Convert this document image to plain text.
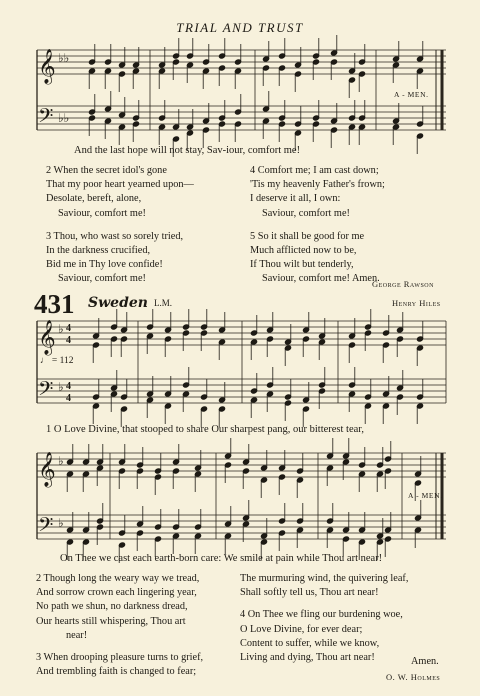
TRIAL AND TRUST
𝄞
𝄢
♭♭
♭♭
A - MEN.
And the last hope will not stay, Sav-iour, comfort me!
2 When the secret idol's gone
That my poor heart yearned upon—
Desolate, bereft, alone,
Saviour, comfort me!
3 Thou, who wast so sorely tried,
In the darkness crucified,
Bid me in Thy love confide!
Saviour, comfort me!
4 Comfort me; I am cast down;
'Tis my heavenly Father's frown;
I deserve it all, I own:
Saviour, comfort me!
5 So it shall be good for me
Much afflicted now to be,
If Thou wilt but tenderly,
Saviour, comfort me! Amen.
George Rawson
431 Sweden L.M.	Henry Hiles
♩ = 112
𝄞
𝄢
♭
♭
4
4
4
4
1 O Love Divine, that stooped to share Our sharpest pang, our bitterest tear,
𝄞
𝄢
♭
♭
A - MEN.
On Thee we cast each earth-born care: We smile at pain while Thou art near!
2 Though long the weary way we tread,
And sorrow crown each lingering year,
No path we shun, no darkness dread,
Our hearts still whispering, Thou art
near!
3 When drooping pleasure turns to grief,
And trembling faith is changed to fear;
The murmuring wind, the quivering leaf,
Shall softly tell us, Thou art near!
4 On Thee we fling our burdening woe,
O Love Divine, for ever dear;
Content to suffer, while we know,
Living and dying, Thou art near!	Amen.
O. W. Holmes
